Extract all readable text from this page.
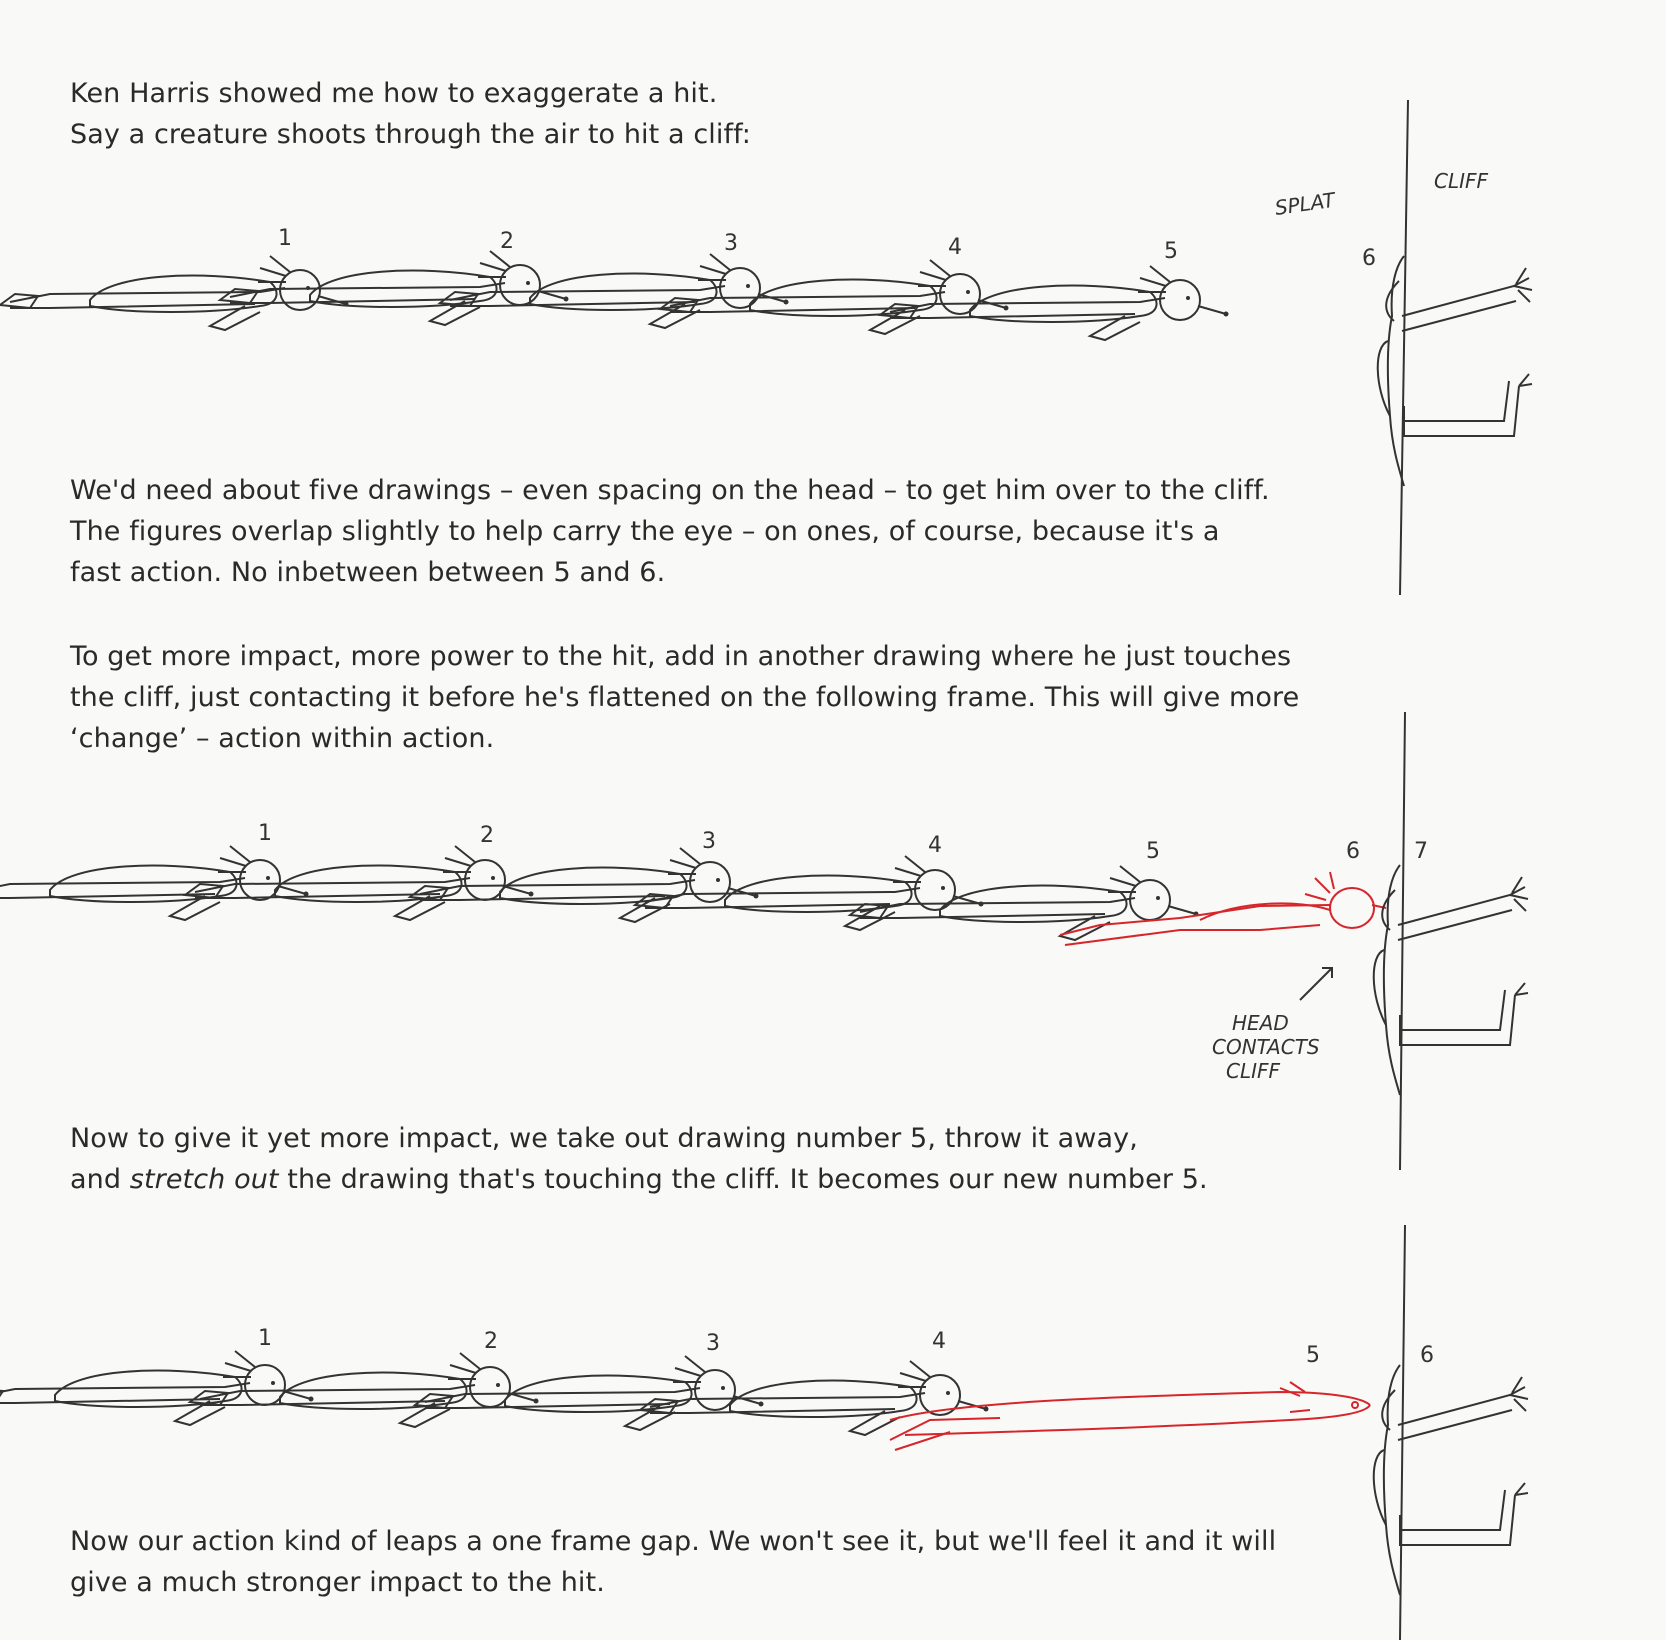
Ken Harris showed me how to exaggerate a hit.
Say a creature shoots through the air to hit a cliff:

We'd need about five drawings – even spacing on the head – to get him over to the cliff.
The figures overlap slightly to help carry the eye – on ones, of course, because it's a
fast action. No inbetween between 5 and 6.

To get more impact, more power to the hit, add in another drawing where he just touches
the cliff, just contacting it before he's flattened on the following frame. This will give more
‘change’ – action within action.

Now to give it yet more impact, we take out drawing number 5, throw it away,
and stretch out the drawing that's touching the cliff. It becomes our new number 5.

Now our action kind of leaps a one frame gap. We won't see it, but we'll feel it and it will
give a much stronger impact to the hit.

1	2	3	4	5	6
SPLAT
CLIFF
1	2	3	4	5	6 7
HEAD
CONTACTS
CLIFF
1	2	3	4
5	6
